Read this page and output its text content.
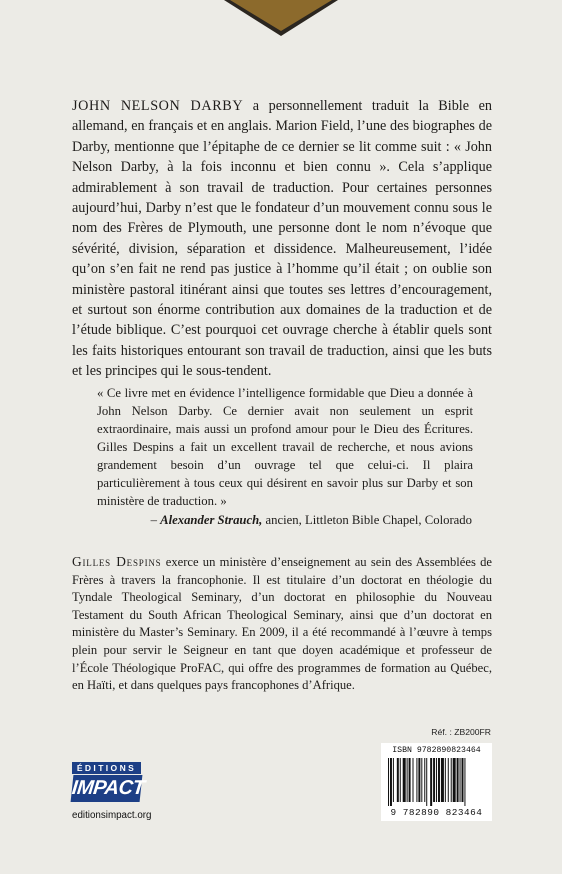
JOHN NELSON DARBY a personnellement traduit la Bible en allemand, en français et en anglais. Marion Field, l’une des biographes de Darby, mentionne que l’épitaphe de ce dernier se lit comme suit : « John Nelson Darby, à la fois inconnu et bien connu ». Cela s’applique admirablement à son travail de traduction. Pour certaines personnes aujourd’hui, Darby n’est que le fondateur d’un mouvement connu sous le nom des Frères de Plymouth, une personne dont le nom n’évoque que sévérité, division, séparation et dissidence. Malheureusement, l’idée qu’on s’en fait ne rend pas justice à l’homme qu’il était ; on oublie son ministère pastoral itinérant ainsi que toutes ses lettres d’encouragement, et surtout son énorme contribution aux domaines de la traduction et de l’étude biblique. C’est pourquoi cet ouvrage cherche à établir quels sont les faits historiques entourant son travail de traduction, ainsi que les buts et les principes qui le sous-tendent.

« Ce livre met en évidence l’intelligence formidable que Dieu a donnée à John Nelson Darby. Ce dernier avait non seulement un esprit extraordinaire, mais aussi un profond amour pour le Dieu des Écritures. Gilles Despins a fait un excellent travail de recherche, et nous avions grandement besoin d’un ouvrage tel que celui-ci. Il plaira particulièrement à tous ceux qui désirent en savoir plus sur Darby et son ministère de traduction. »

– Alexander Strauch, ancien, Littleton Bible Chapel, Colorado

Gilles Despins exerce un ministère d’enseignement au sein des Assemblées de Frères à travers la francophonie. Il est titulaire d’un doctorat en théologie du Tyndale Theological Seminary, d’un doctorat en philosophie du Nouveau Testament du South African Theological Seminary, ainsi que d’un doctorat en ministère du Master’s Seminary. En 2009, il a été recommandé à l’œuvre à temps plein pour servir le Seigneur en tant que doyen académique et professeur de l’École Théologique ProFAC, qui offre des programmes de formation au Québec, en Haïti, et dans quelques pays francophones d’Afrique.

Réf. : ZB200FR
ISBN 9782890823464
9 782890 823464
ÉDITIONS
IMPACT
editionsimpact.org
